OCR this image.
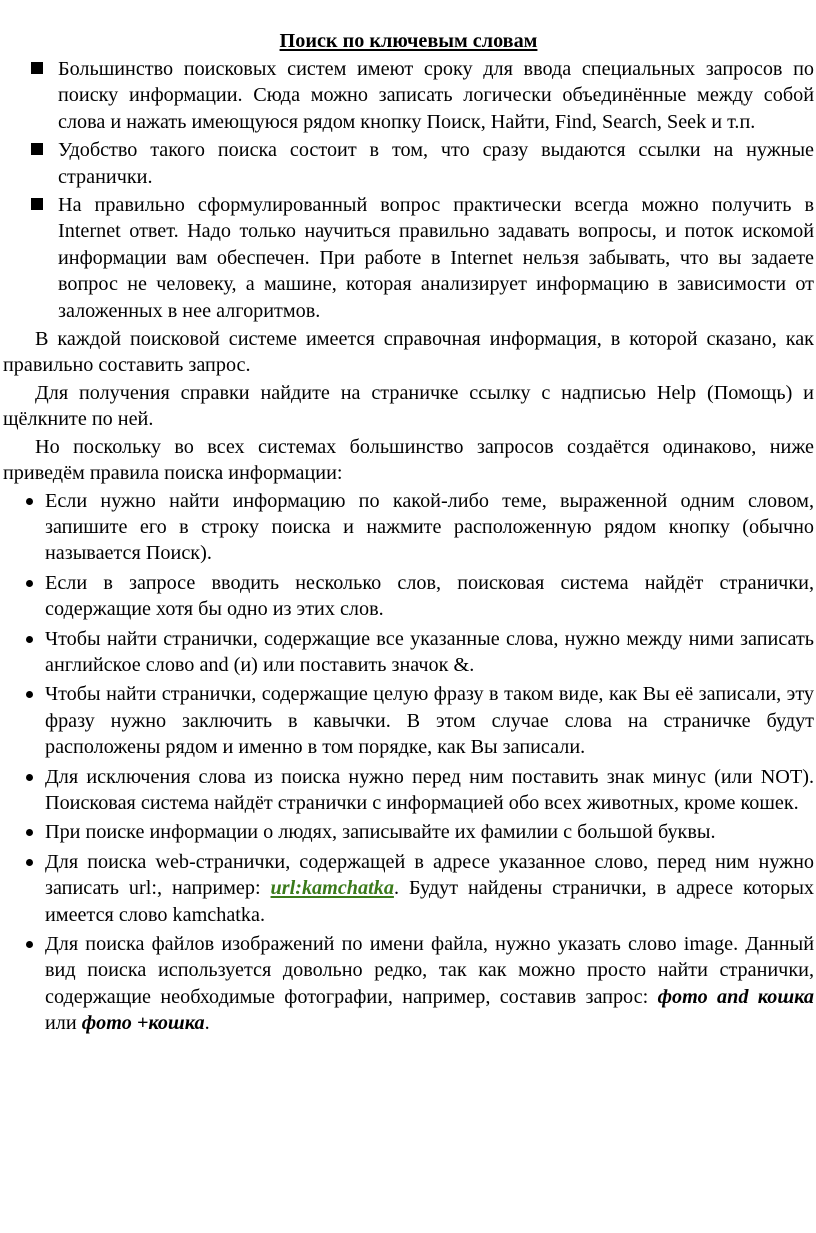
Поиск по ключевым словам
Большинство поисковых систем имеют сроку для ввода специальных запросов по поиску информации. Сюда можно записать логически объединённые между собой слова и нажать имеющуюся рядом кнопку Поиск, Найти, Find, Search, Seek и т.п.
Удобство такого поиска состоит в том, что сразу выдаются ссылки на нужные странички.
На правильно сформулированный вопрос практически всегда можно получить в Internet ответ. Надо только научиться правильно задавать вопросы, и поток искомой информации вам обеспечен. При работе в Internet нельзя забывать, что вы задаете вопрос не человеку, а машине, которая анализирует информацию в зависимости от заложенных в нее алгоритмов.

В каждой поисковой системе имеется справочная информация, в которой сказано, как правильно составить запрос.

Для получения справки найдите на страничке ссылку с надписью Help (Помощь) и щёлкните по ней.

Но поскольку во всех системах большинство запросов создаётся одинаково, ниже приведём правила поиска информации:

Если нужно найти информацию по какой-либо теме, выраженной одним словом, запишите его в строку поиска и нажмите расположенную рядом кнопку (обычно называется Поиск).
Если в запросе вводить несколько слов, поисковая система найдёт странички, содержащие хотя бы одно из этих слов.
Чтобы найти странички, содержащие все указанные слова, нужно между ними записать английское слово and (и) или поставить значок &.
Чтобы найти странички, содержащие целую фразу в таком виде, как Вы её записали, эту фразу нужно заключить в кавычки. В этом случае слова на страничке будут расположены рядом и именно в том порядке, как Вы записали.
Для исключения слова из поиска нужно перед ним поставить знак минус (или NOT). Поисковая система найдёт странички с информацией обо всех животных, кроме кошек.
При поиске информации о людях, записывайте их фамилии с большой буквы.
Для поиска web-странички, содержащей в адресе указанное слово, перед ним нужно записать url:, например: url:kamchatka. Будут найдены странички, в адресе которых имеется слово kamchatka.
Для поиска файлов изображений по имени файла, нужно указать слово image. Данный вид поиска используется довольно редко, так как можно просто найти странички, содержащие необходимые фотографии, например, составив запрос: фото and кошка или фото +кошка.
